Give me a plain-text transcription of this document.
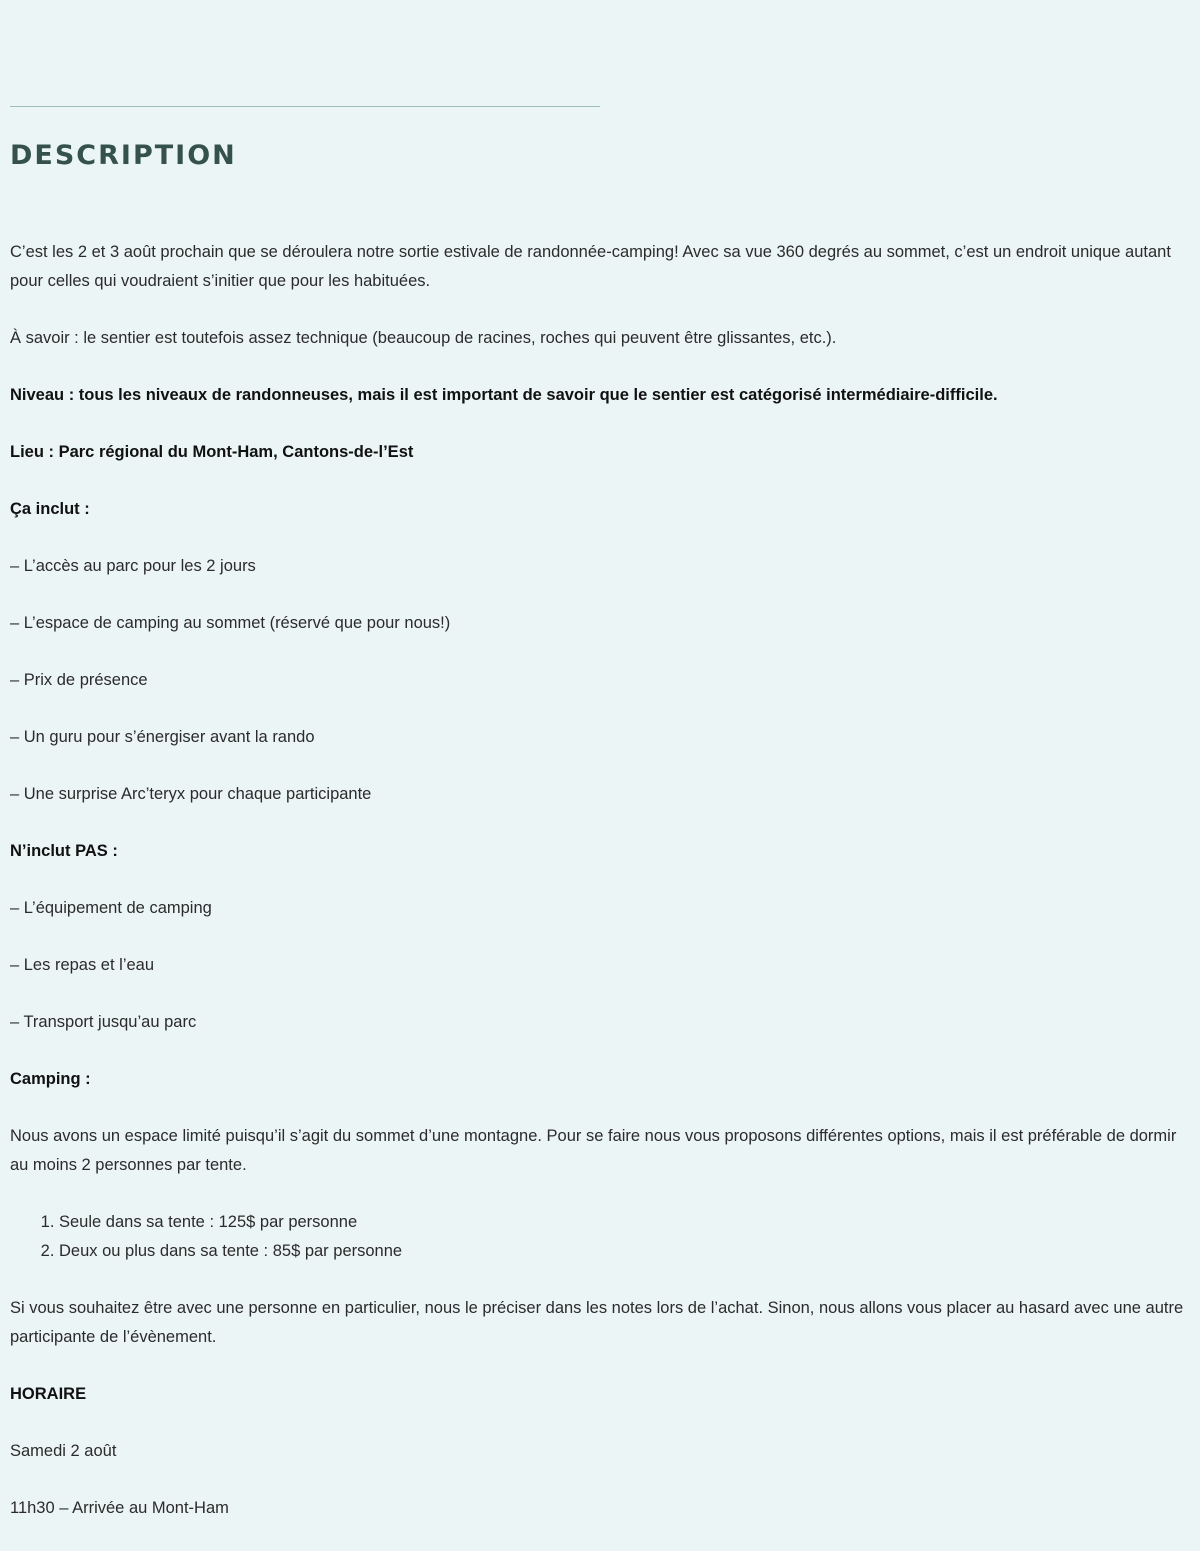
DESCRIPTION

C’est les 2 et 3 août prochain que se déroulera notre sortie estivale de randonnée-camping! Avec sa vue 360 degrés au sommet, c’est un endroit unique autant pour celles qui voudraient s’initier que pour les habituées.

À savoir : le sentier est toutefois assez technique (beaucoup de racines, roches qui peuvent être glissantes, etc.).

Niveau : tous les niveaux de randonneuses, mais il est important de savoir que le sentier est catégorisé intermédiaire-difficile.

Lieu : Parc régional du Mont-Ham, Cantons-de-l’Est

Ça inclut :

– L’accès au parc pour les 2 jours

– L’espace de camping au sommet (réservé que pour nous!)

– Prix de présence

– Un guru pour s’énergiser avant la rando

– Une surprise Arc’teryx pour chaque participante

N’inclut PAS :

– L’équipement de camping

– Les repas et l’eau

– Transport jusqu’au parc

Camping :

Nous avons un espace limité puisqu’il s’agit du sommet d’une montagne. Pour se faire nous vous proposons différentes options, mais il est préférable de dormir au moins 2 personnes par tente.

1. Seule dans sa tente : 125$ par personne
2. Deux ou plus dans sa tente : 85$ par personne

Si vous souhaitez être avec une personne en particulier, nous le préciser dans les notes lors de l’achat. Sinon, nous allons vous placer au hasard avec une autre participante de l’évènement.

HORAIRE

Samedi 2 août

11h30 – Arrivée au Mont-Ham
